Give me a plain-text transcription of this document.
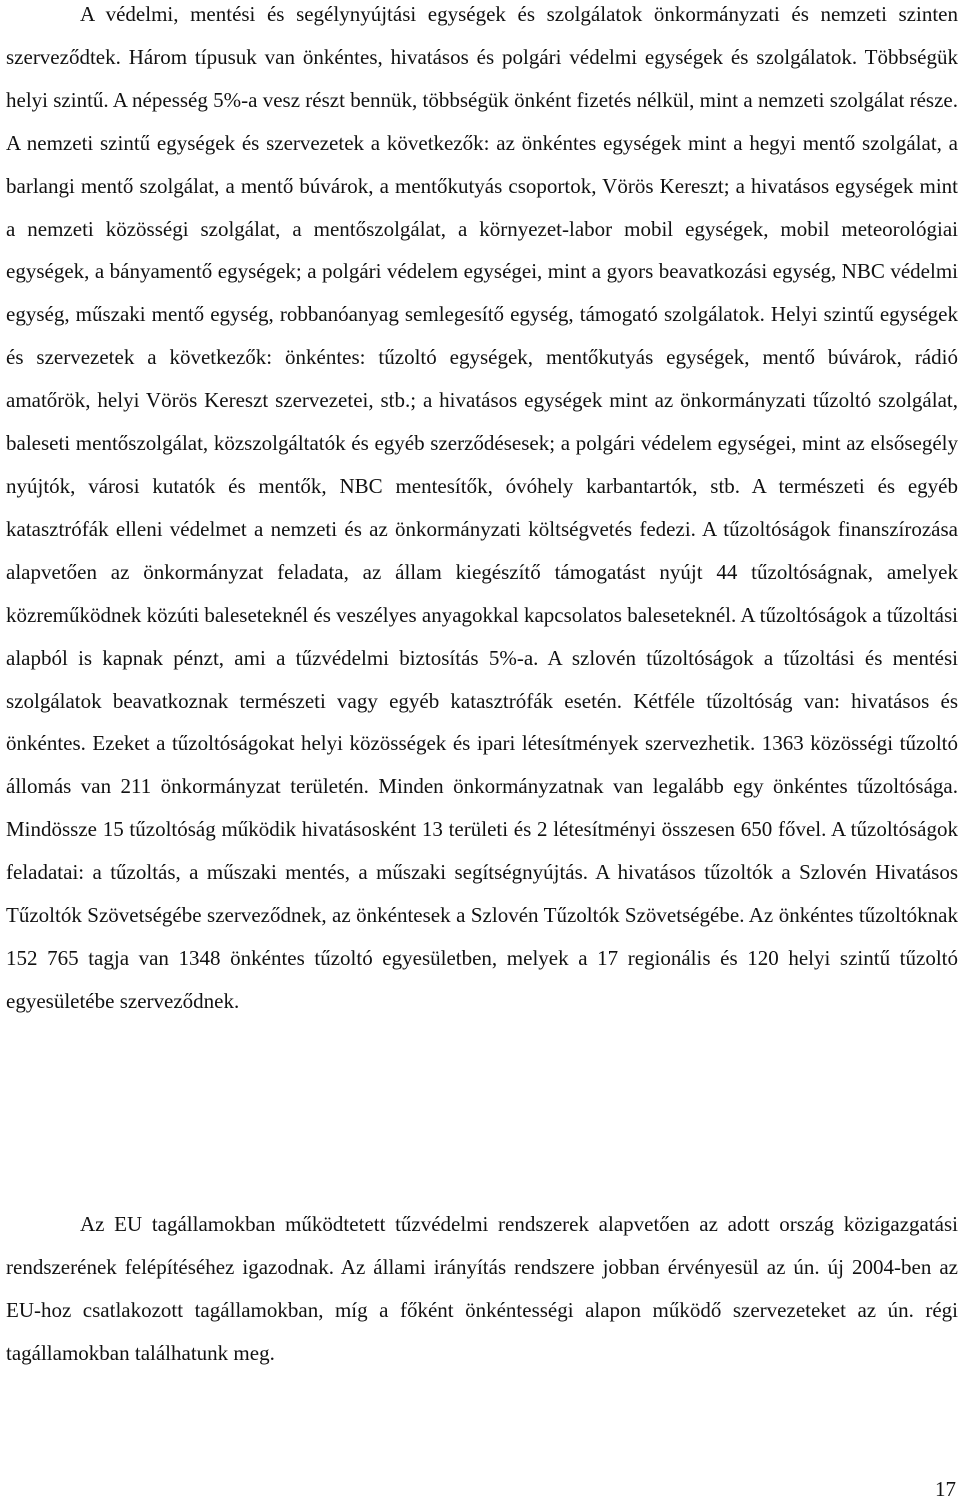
A védelmi, mentési és segélynyújtási egységek és szolgálatok önkormányzati és nemzeti szinten szerveződtek. Három típusuk van önkéntes, hivatásos és polgári védelmi egységek és szolgálatok. Többségük helyi szintű. A népesség 5%-a vesz részt bennük, többségük önként fizetés nélkül, mint a nemzeti szolgálat része. A nemzeti szintű egységek és szervezetek a következők: az önkéntes egységek mint a hegyi mentő szolgálat, a barlangi mentő szolgálat, a mentő búvárok, a mentőkutyás csoportok, Vörös Kereszt; a hivatásos egységek mint a nemzeti közösségi szolgálat, a mentőszolgálat, a környezet-labor mobil egységek, mobil meteorológiai egységek, a bányamentő egységek; a polgári védelem egységei, mint a gyors beavatkozási egység, NBC védelmi egység, műszaki mentő egység, robbanóanyag semlegesítő egység, támogató szolgálatok. Helyi szintű egységek és szervezetek a következők: önkéntes: tűzoltó egységek, mentőkutyás egységek, mentő búvárok, rádió amatőrök, helyi Vörös Kereszt szervezetei, stb.; a hivatásos egységek mint az önkormányzati tűzoltó szolgálat, baleseti mentőszolgálat, közszolgáltatók és egyéb szerződésesek; a polgári védelem egységei, mint az elsősegély nyújtók, városi kutatók és mentők, NBC mentesítők, óvóhely karbantartók, stb. A természeti és egyéb katasztrófák elleni védelmet a nemzeti és az önkormányzati költségvetés fedezi. A tűzoltóságok finanszírozása alapvetően az önkormányzat feladata, az állam kiegészítő támogatást nyújt 44 tűzoltóságnak, amelyek közreműködnek közúti baleseteknél és veszélyes anyagokkal kapcsolatos baleseteknél. A tűzoltóságok a tűzoltási alapból is kapnak pénzt, ami a tűzvédelmi biztosítás 5%-a. A szlovén tűzoltóságok a tűzoltási és mentési szolgálatok beavatkoznak természeti vagy egyéb katasztrófák esetén. Kétféle tűzoltóság van: hivatásos és önkéntes. Ezeket a tűzoltóságokat helyi közösségek és ipari létesítmények szervezhetik. 1363 közösségi tűzoltó állomás van 211 önkormányzat területén. Minden önkormányzatnak van legalább egy önkéntes tűzoltósága. Mindössze 15 tűzoltóság működik hivatásosként 13 területi és 2 létesítményi összesen 650 fővel. A tűzoltóságok feladatai: a tűzoltás, a műszaki mentés, a műszaki segítségnyújtás. A hivatásos tűzoltók a Szlovén Hivatásos Tűzoltók Szövetségébe szerveződnek, az önkéntesek a Szlovén Tűzoltók Szövetségébe. Az önkéntes tűzoltóknak 152 765 tagja van 1348 önkéntes tűzoltó egyesületben, melyek a 17 regionális és 120 helyi szintű tűzoltó egyesületébe szerveződnek.

Az EU tagállamokban működtetett tűzvédelmi rendszerek alapvetően az adott ország közigazgatási rendszerének felépítéséhez igazodnak. Az állami irányítás rendszere jobban érvényesül az ún. új 2004-ben az EU-hoz csatlakozott tagállamokban, míg a főként önkéntességi alapon működő szervezeteket az ún. régi tagállamokban találhatunk meg.

17
